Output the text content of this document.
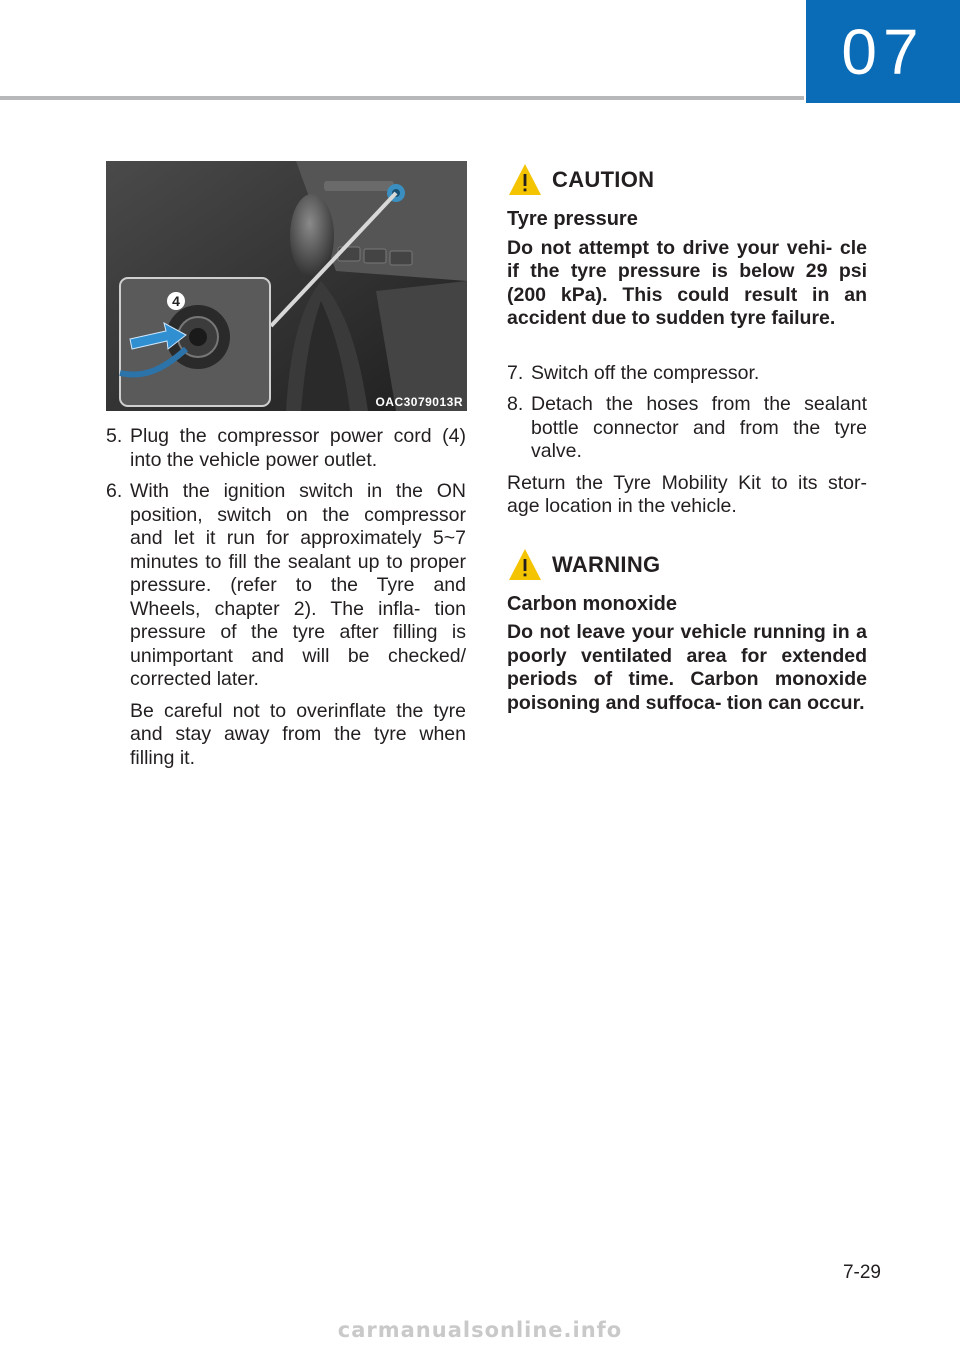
07
4
OAC3079013R
5. Plug the compressor power cord (4) into the vehicle power outlet.
6. With the ignition switch in the ON position, switch on the compressor and let it run for approximately 5~7 minutes to fill the sealant up to proper pressure. (refer to the Tyre and Wheels, chapter 2). The infla- tion pressure of the tyre after filling is unimportant and will be checked/ corrected later.
Be careful not to overinflate the tyre and stay away from the tyre when filling it.
CAUTION
Tyre pressure
Do not attempt to drive your vehi- cle if the tyre pressure is below 29 psi (200 kPa). This could result in an accident due to sudden tyre failure.
7. Switch off the compressor.
8. Detach the hoses from the sealant bottle connector and from the tyre valve.

Return the Tyre Mobility Kit to its stor- age location in the vehicle.

WARNING
Carbon monoxide
Do not leave your vehicle running in a poorly ventilated area for extended periods of time. Carbon monoxide poisoning and suffoca- tion can occur.
7-29
carmanualsonline.info
